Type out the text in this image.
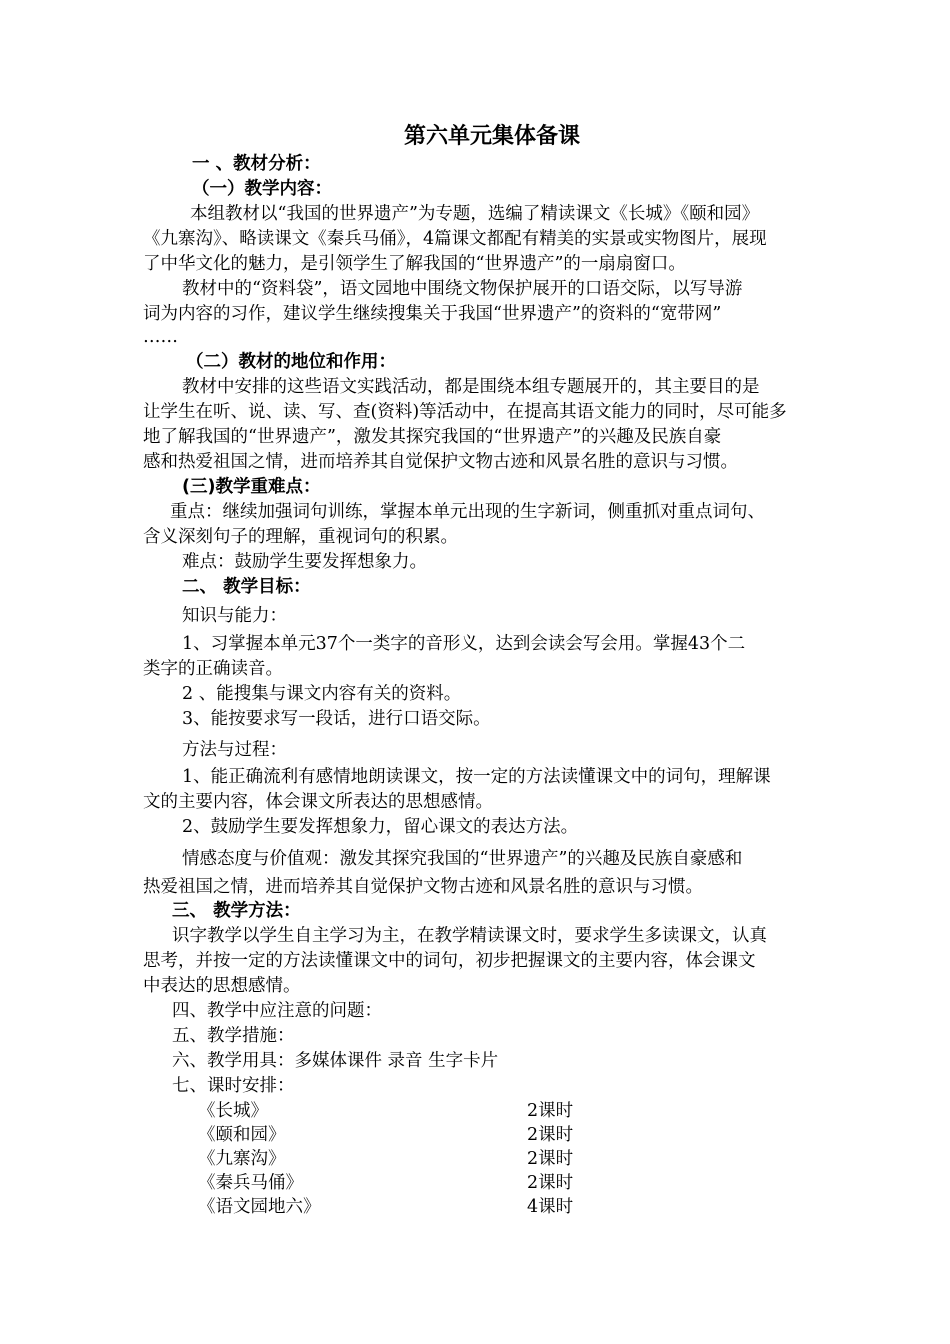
第六单元集体备课
一 、教材分析：
（一）教学内容：
本组教材以“我国的世界遗产”为专题，选编了精读课文《长城》《颐和园》
《九寨沟》、略读课文《秦兵马俑》，4篇课文都配有精美的实景或实物图片，展现
了中华文化的魅力，是引领学生了解我国的“世界遗产”的一扇扇窗口。
教材中的“资料袋”，语文园地中围绕文物保护展开的口语交际，以写导游
词为内容的习作，建议学生继续搜集关于我国“世界遗产”的资料的“宽带网”
……
（二）教材的地位和作用：
教材中安排的这些语文实践活动，都是围绕本组专题展开的，其主要目的是
让学生在听、说、读、写、查(资料)等活动中，在提高其语文能力的同时，尽可能多
地了解我国的“世界遗产”，激发其探究我国的“世界遗产”的兴趣及民族自豪
感和热爱祖国之情，进而培养其自觉保护文物古迹和风景名胜的意识与习惯。
(三)教学重难点：
重点：继续加强词句训练，掌握本单元出现的生字新词，侧重抓对重点词句、
含义深刻句子的理解，重视词句的积累。
难点：鼓励学生要发挥想象力。
二、 教学目标：
知识与能力：
1、习掌握本单元37个一类字的音形义，达到会读会写会用。掌握43个二
类字的正确读音。
2 、能搜集与课文内容有关的资料。
3、能按要求写一段话，进行口语交际。
方法与过程：
1、能正确流利有感情地朗读课文，按一定的方法读懂课文中的词句，理解课
文的主要内容，体会课文所表达的思想感情。
2、鼓励学生要发挥想象力，留心课文的表达方法。
情感态度与价值观：激发其探究我国的“世界遗产”的兴趣及民族自豪感和
热爱祖国之情，进而培养其自觉保护文物古迹和风景名胜的意识与习惯。
三、 教学方法：
识字教学以学生自主学习为主，在教学精读课文时，要求学生多读课文，认真
思考，并按一定的方法读懂课文中的词句，初步把握课文的主要内容，体会课文
中表达的思想感情。
四、教学中应注意的问题：
五、教学措施：
六、教学用具：多媒体课件 录音 生字卡片
七、课时安排：
《长城》	2课时
《颐和园》	2课时
《九寨沟》	2课时
《秦兵马俑》	2课时
《语文园地六》	4课时
